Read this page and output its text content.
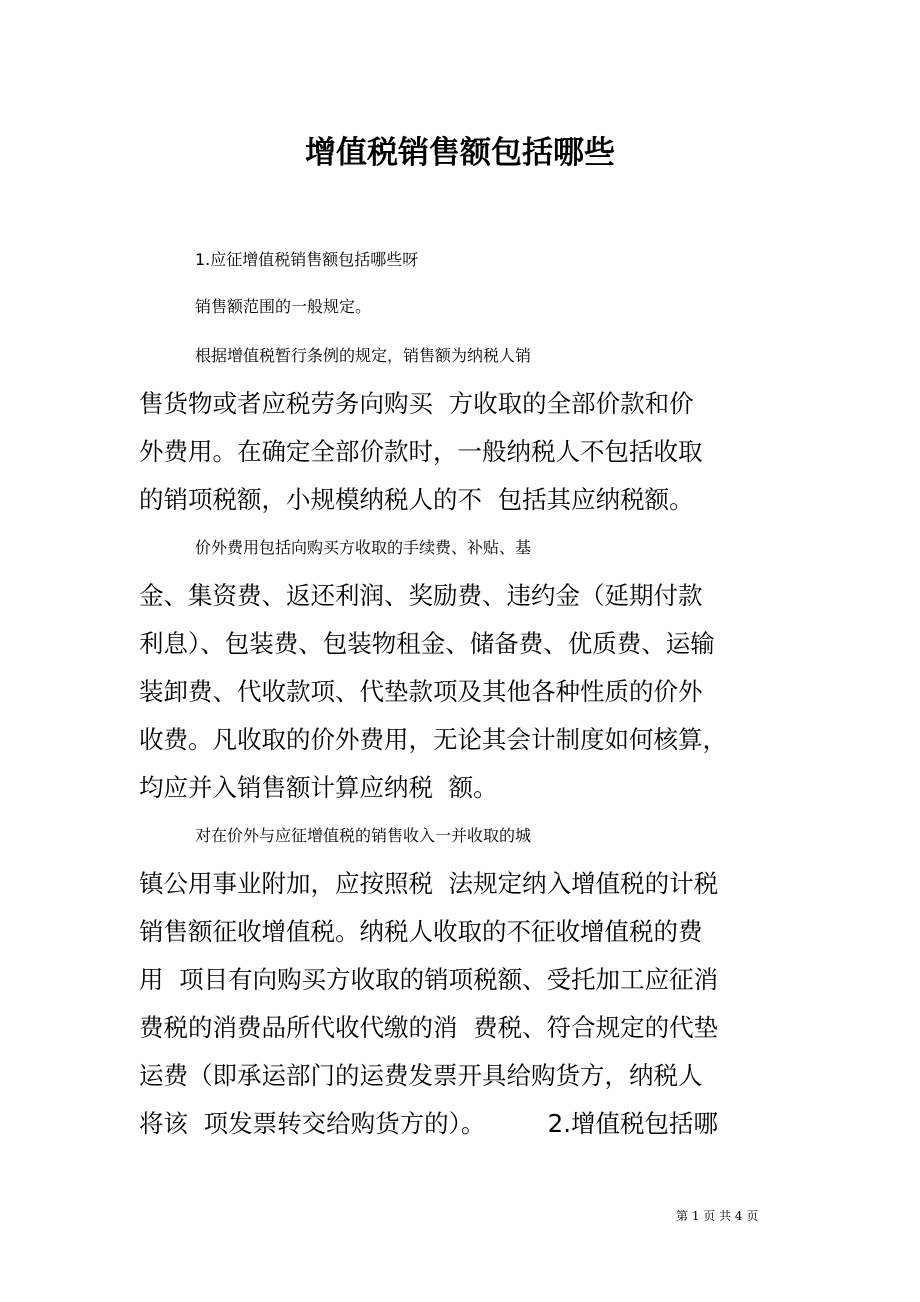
增值税销售额包括哪些

1.应征增值税销售额包括哪些呀

销售额范围的一般规定。

根据增值税暂行条例的规定，销售额为纳税人销

售货物或者应税劳务向购买  方收取的全部价款和价

外费用。在确定全部价款时，一般纳税人不包括收取

的销项税额，小规模纳税人的不  包括其应纳税额。

价外费用包括向购买方收取的手续费、补贴、基

金、集资费、返还利润、奖励费、违约金（延期付款

利息）、包装费、包装物租金、储备费、优质费、运输

装卸费、代收款项、代垫款项及其他各种性质的价外

收费。凡收取的价外费用，无论其会计制度如何核算，

均应并入销售额计算应纳税  额。

对在价外与应征增值税的销售收入一并收取的城

镇公用事业附加，应按照税  法规定纳入增值税的计税

销售额征收增值税。纳税人收取的不征收增值税的费

用  项目有向购买方收取的销项税额、受托加工应征消

费税的消费品所代收代缴的消  费税、符合规定的代垫

运费（即承运部门的运费发票开具给购货方，纳税人

将该  项发票转交给购货方的）。        2.增值税包括哪

第 1 页 共 4 页
